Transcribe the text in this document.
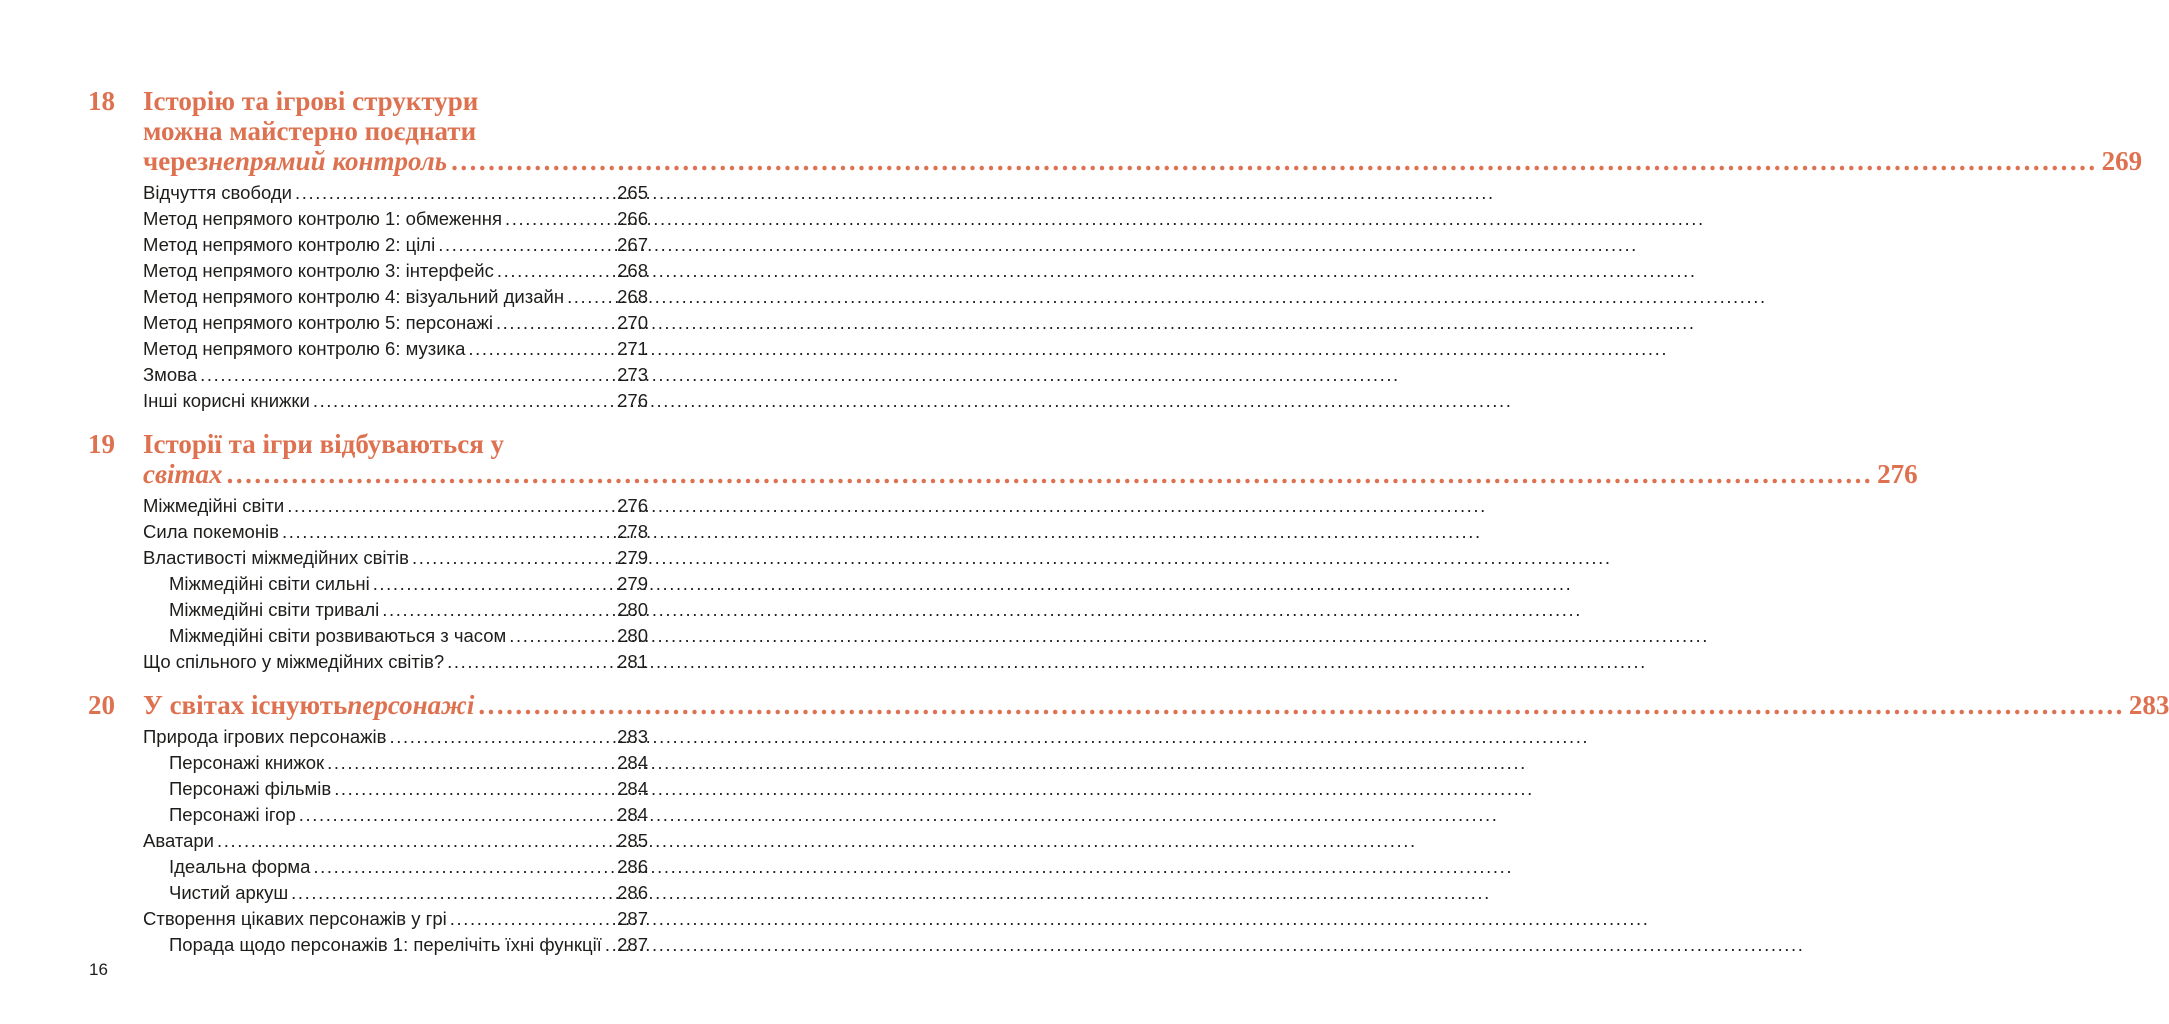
18	Історію та ігрові структури
можна майстерно поєднати
через непрямий контроль .....	269
Відчуття свободи .....	265
Метод непрямого контролю 1: обмеження .....	266
Метод непрямого контролю 2: цілі .....	267
Метод непрямого контролю 3: інтерфейс .....	268
Метод непрямого контролю 4: візуальний дизайн .....	268
Метод непрямого контролю 5: персонажі .....	270
Метод непрямого контролю 6: музика .....	271
Змова .....	273
Інші корисні книжки .....	276
19	Історії та ігри відбуваються у
світах .....	276
Міжмедійні світи .....	276
Сила покемонів .....	278
Властивості міжмедійних світів .....	279
Міжмедійні світи сильні .....	279
Міжмедійні світи тривалі .....	280
Міжмедійні світи розвиваються з часом .....	280
Що спільного у міжмедійних світів? .....	281
20	У світах існують персонажі .....	283
Природа ігрових персонажів .....	283
Персонажі книжок .....	284
Персонажі фільмів .....	284
Персонажі ігор .....	284
Аватари .....	285
Ідеальна форма .....	286
Чистий аркуш .....	286
Створення цікавих персонажів у грі .....	287
Порада щодо персонажів 1: перелічіть їхні функції ..... 287
16
